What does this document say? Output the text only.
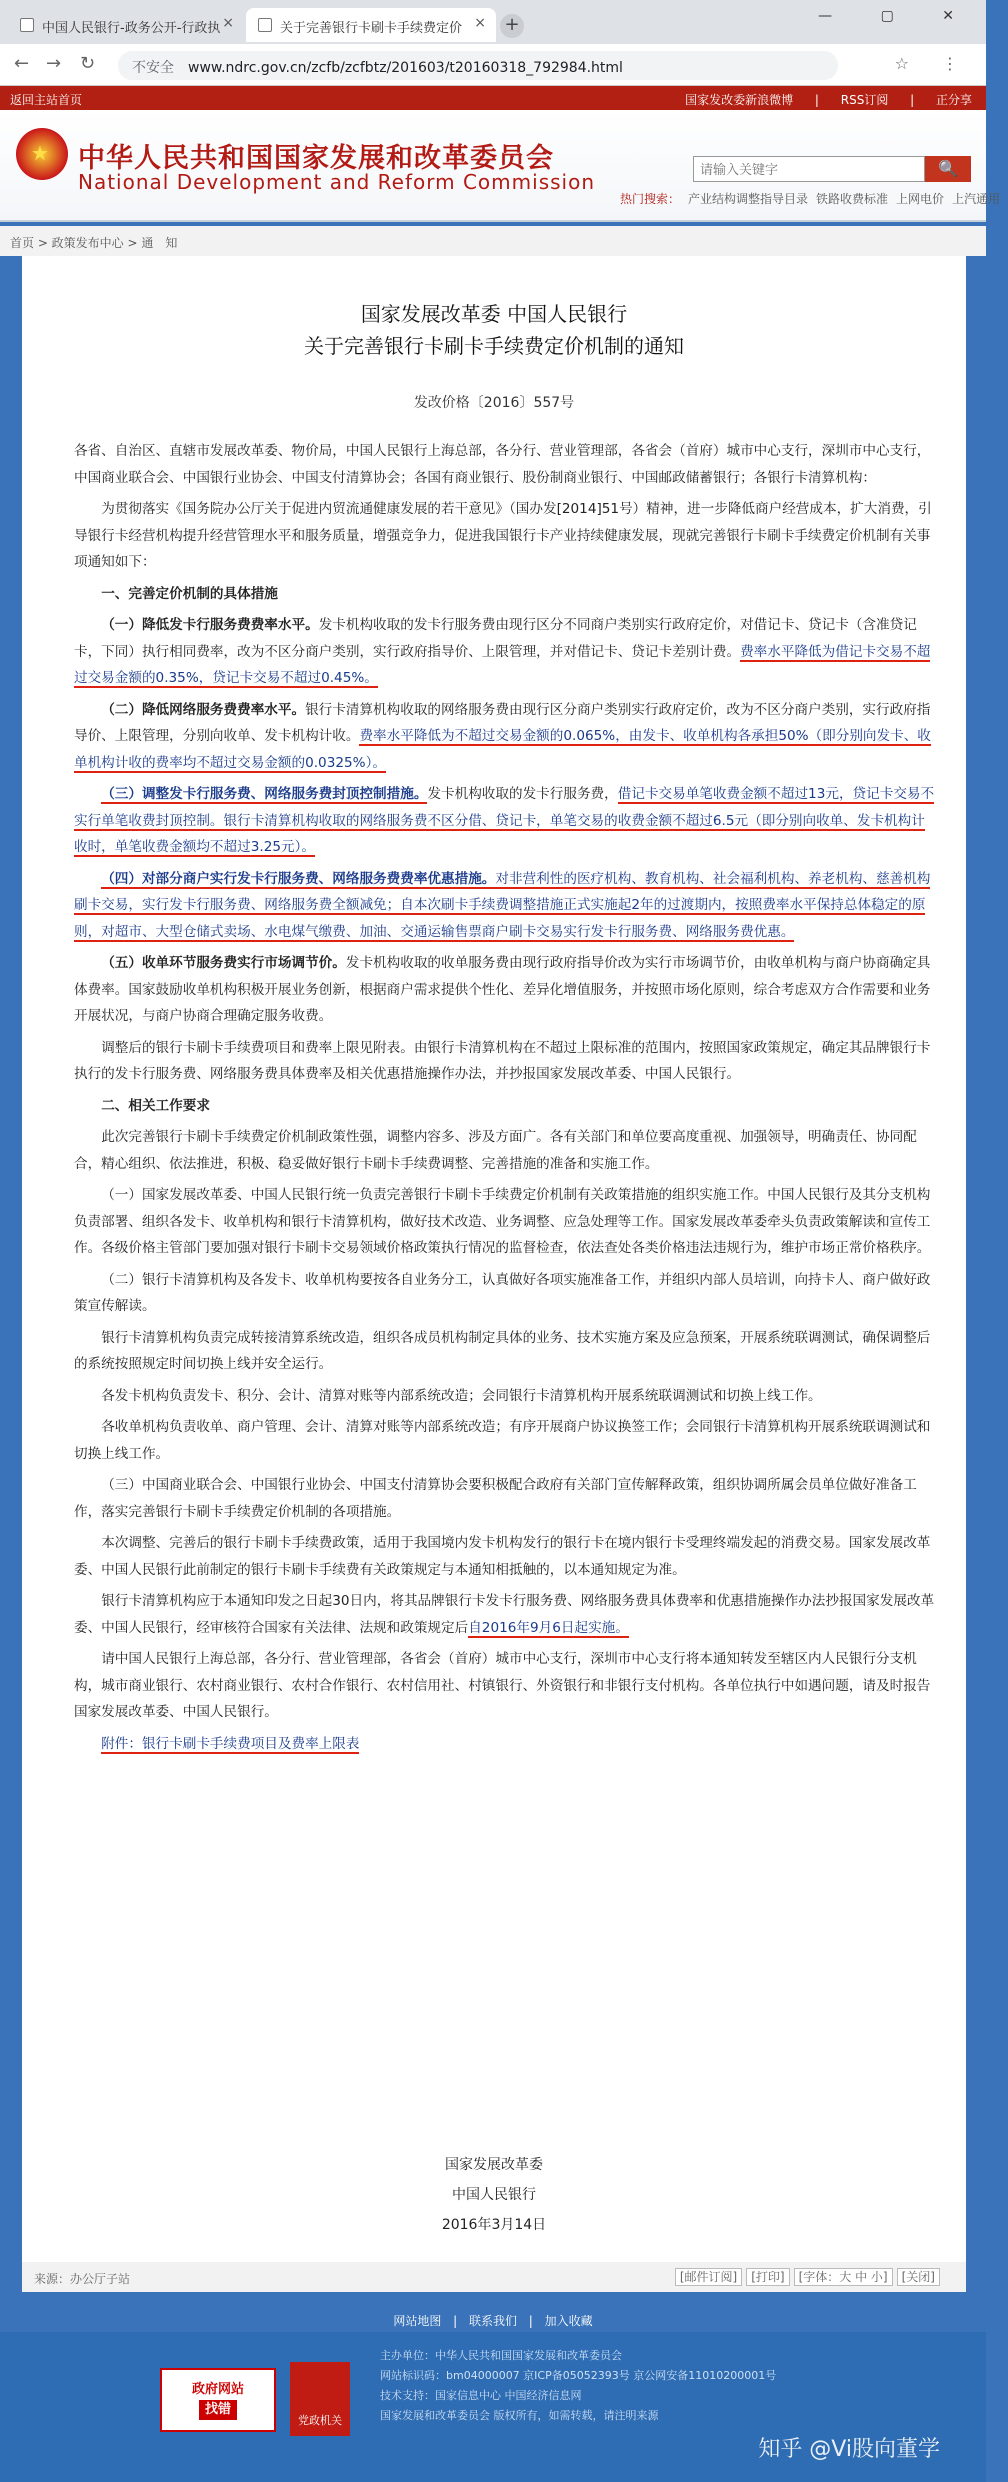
中国人民银行-政务公开-行政执 ×	关于完善银行卡刷卡手续费定价 × +	— ▢ ✕
← → ↻	不安全 www.ndrc.gov.cn/zcfb/zcfbtz/201603/t20160318_792984.html	☆ ⋮
返回主站首页	国家发改委新浪微博 | RSS订阅 | 正分享
★ 中华人民共和国国家发展和改革委员会
National Development and Reform Commission
请输入关键字
🔍
热门搜索： 产业结构调整指导目录 铁路收费标准 上网电价 上汽通用
首页 > 政策发布中心 > 通　知
国家发展改革委 中国人民银行
关于完善银行卡刷卡手续费定价机制的通知
发改价格〔2016〕557号

各省、自治区、直辖市发展改革委、物价局，中国人民银行上海总部，各分行、营业管理部，各省会（首府）城市中心支行，深圳市中心支行，中国商业联合会、中国银行业协会、中国支付清算协会；各国有商业银行、股份制商业银行、中国邮政储蓄银行；各银行卡清算机构：

为贯彻落实《国务院办公厅关于促进内贸流通健康发展的若干意见》（国办发[2014]51号）精神，进一步降低商户经营成本，扩大消费，引导银行卡经营机构提升经营管理水平和服务质量，增强竞争力，促进我国银行卡产业持续健康发展，现就完善银行卡刷卡手续费定价机制有关事项通知如下：

一、完善定价机制的具体措施

（一）降低发卡行服务费费率水平。发卡机构收取的发卡行服务费由现行区分不同商户类别实行政府定价，对借记卡、贷记卡（含准贷记卡，下同）执行相同费率，改为不区分商户类别，实行政府指导价、上限管理，并对借记卡、贷记卡差别计费。费率水平降低为借记卡交易不超过交易金额的0.35%，贷记卡交易不超过0.45%。

（二）降低网络服务费费率水平。银行卡清算机构收取的网络服务费由现行区分商户类别实行政府定价，改为不区分商户类别，实行政府指导价、上限管理，分别向收单、发卡机构计收。费率水平降低为不超过交易金额的0.065%，由发卡、收单机构各承担50%（即分别向发卡、收单机构计收的费率均不超过交易金额的0.0325%）。

（三）调整发卡行服务费、网络服务费封顶控制措施。发卡机构收取的发卡行服务费，借记卡交易单笔收费金额不超过13元，贷记卡交易不实行单笔收费封顶控制。银行卡清算机构收取的网络服务费不区分借、贷记卡，单笔交易的收费金额不超过6.5元（即分别向收单、发卡机构计收时，单笔收费金额均不超过3.25元）。

（四）对部分商户实行发卡行服务费、网络服务费费率优惠措施。对非营利性的医疗机构、教育机构、社会福利机构、养老机构、慈善机构刷卡交易，实行发卡行服务费、网络服务费全额减免；自本次刷卡手续费调整措施正式实施起2年的过渡期内，按照费率水平保持总体稳定的原则，对超市、大型仓储式卖场、水电煤气缴费、加油、交通运输售票商户刷卡交易实行发卡行服务费、网络服务费优惠。

（五）收单环节服务费实行市场调节价。发卡机构收取的收单服务费由现行政府指导价改为实行市场调节价，由收单机构与商户协商确定具体费率。国家鼓励收单机构积极开展业务创新，根据商户需求提供个性化、差异化增值服务，并按照市场化原则，综合考虑双方合作需要和业务开展状况，与商户协商合理确定服务收费。

调整后的银行卡刷卡手续费项目和费率上限见附表。由银行卡清算机构在不超过上限标准的范围内，按照国家政策规定，确定其品牌银行卡执行的发卡行服务费、网络服务费具体费率及相关优惠措施操作办法，并抄报国家发展改革委、中国人民银行。

二、相关工作要求

此次完善银行卡刷卡手续费定价机制政策性强，调整内容多、涉及方面广。各有关部门和单位要高度重视、加强领导，明确责任、协同配合，精心组织、依法推进，积极、稳妥做好银行卡刷卡手续费调整、完善措施的准备和实施工作。

（一）国家发展改革委、中国人民银行统一负责完善银行卡刷卡手续费定价机制有关政策措施的组织实施工作。中国人民银行及其分支机构负责部署、组织各发卡、收单机构和银行卡清算机构，做好技术改造、业务调整、应急处理等工作。国家发展改革委牵头负责政策解读和宣传工作。各级价格主管部门要加强对银行卡刷卡交易领域价格政策执行情况的监督检查，依法查处各类价格违法违规行为，维护市场正常价格秩序。

（二）银行卡清算机构及各发卡、收单机构要按各自业务分工，认真做好各项实施准备工作，并组织内部人员培训，向持卡人、商户做好政策宣传解读。

银行卡清算机构负责完成转接清算系统改造，组织各成员机构制定具体的业务、技术实施方案及应急预案，开展系统联调测试，确保调整后的系统按照规定时间切换上线并安全运行。

各发卡机构负责发卡、积分、会计、清算对账等内部系统改造；会同银行卡清算机构开展系统联调测试和切换上线工作。

各收单机构负责收单、商户管理、会计、清算对账等内部系统改造；有序开展商户协议换签工作；会同银行卡清算机构开展系统联调测试和切换上线工作。

（三）中国商业联合会、中国银行业协会、中国支付清算协会要积极配合政府有关部门宣传解释政策，组织协调所属会员单位做好准备工作，落实完善银行卡刷卡手续费定价机制的各项措施。

本次调整、完善后的银行卡刷卡手续费政策，适用于我国境内发卡机构发行的银行卡在境内银行卡受理终端发起的消费交易。国家发展改革委、中国人民银行此前制定的银行卡刷卡手续费有关政策规定与本通知相抵触的，以本通知规定为准。

银行卡清算机构应于本通知印发之日起30日内，将其品牌银行卡发卡行服务费、网络服务费具体费率和优惠措施操作办法抄报国家发展改革委、中国人民银行，经审核符合国家有关法律、法规和政策规定后自2016年9月6日起实施。

请中国人民银行上海总部，各分行、营业管理部，各省会（首府）城市中心支行，深圳市中心支行将本通知转发至辖区内人民银行分支机构，城市商业银行、农村商业银行、农村合作银行、农村信用社、村镇银行、外资银行和非银行支付机构。各单位执行中如遇问题，请及时报告国家发展改革委、中国人民银行。

附件：银行卡刷卡手续费项目及费率上限表

国家发展改革委
中国人民银行
2016年3月14日
来源：办公厅子站	[邮件订阅] [打印] [字体：大 中 小] [关闭]
网站地图 | 联系我们 | 加入收藏
政府网站
找错
党政机关
主办单位：中华人民共和国国家发展和改革委员会
网站标识码：bm04000007 京ICP备05052393号 京公网安备11010200001号
技术支持：国家信息中心 中国经济信息网
国家发展和改革委员会 版权所有，如需转载，请注明来源
知乎 @Vi股向董学
